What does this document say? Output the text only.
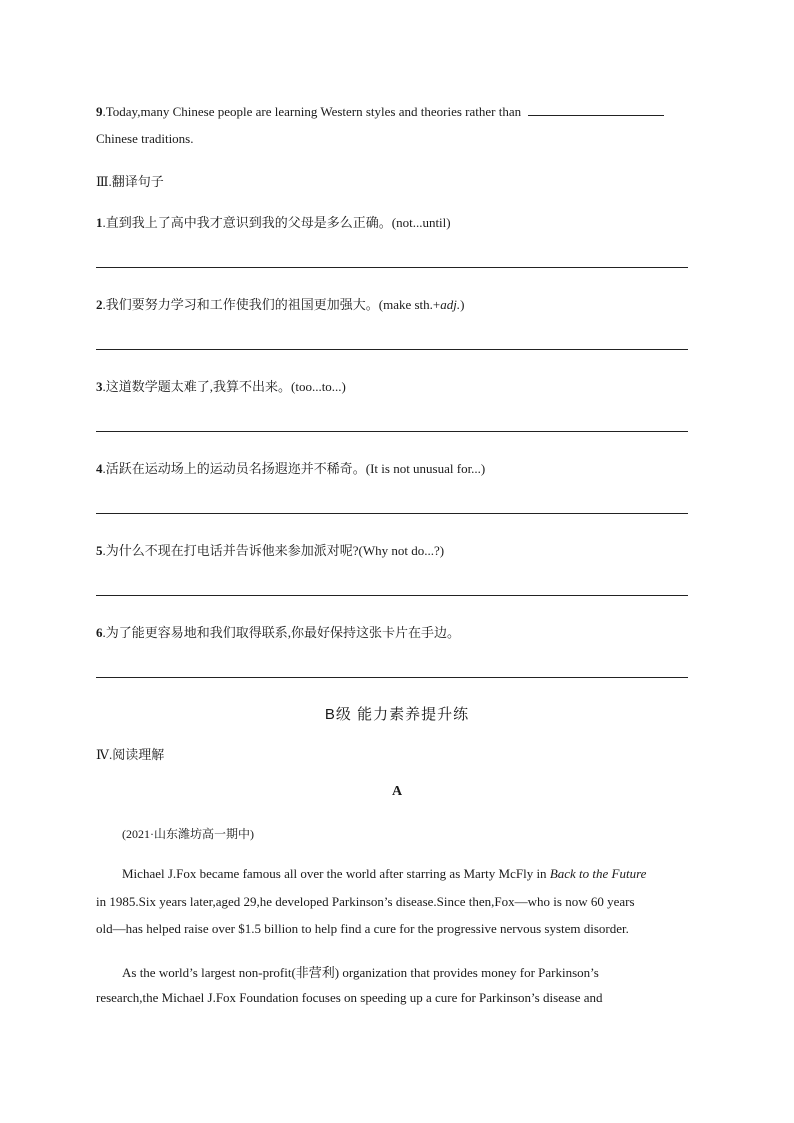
9.Today,many Chinese people are learning Western styles and theories rather than
Chinese traditions.
Ⅲ.翻译句子
1.直到我上了高中我才意识到我的父母是多么正确。(not...until)
2.我们要努力学习和工作使我们的祖国更加强大。(make sth.+adj.)
3.这道数学题太难了,我算不出来。(too...to...)
4.活跃在运动场上的运动员名扬遐迩并不稀奇。(It is not unusual for...)
5.为什么不现在打电话并告诉他来参加派对呢?(Why not do...?)
6.为了能更容易地和我们取得联系,你最好保持这张卡片在手边。
B级 能力素养提升练
Ⅳ.阅读理解
A
(2021·山东潍坊高一期中)
Michael J.Fox became famous all over the world after starring as Marty McFly in Back to the Future
in 1985.Six years later,aged 29,he developed Parkinson’s disease.Since then,Fox—who is now 60 years
old—has helped raise over $1.5 billion to help find a cure for the progressive nervous system disorder.
As the world’s largest non-profit(非营利) organization that provides money for Parkinson’s
research,the Michael J.Fox Foundation focuses on speeding up a cure for Parkinson’s disease and
